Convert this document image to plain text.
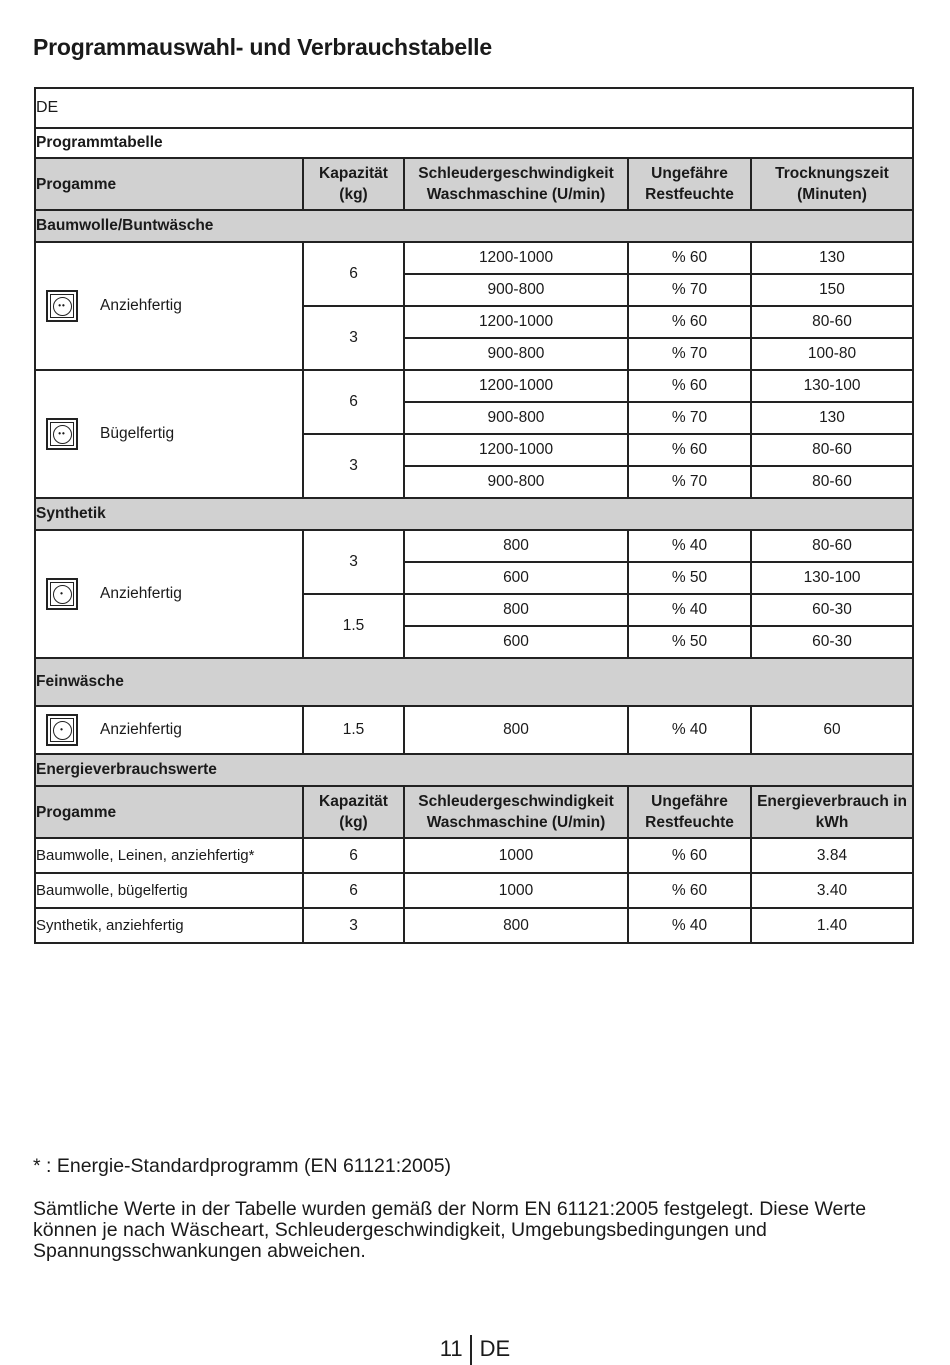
Programmauswahl- und Verbrauchstabelle
DE				
Programmtabelle				
Progamme	Kapazität (kg)	Schleudergeschwindigkeit Waschmaschine (U/min)	Ungefähre Restfeuchte	Trocknungszeit (Minuten)
Baumwolle/Buntwäsche				

•• Anziehfertig	6	1200-1000	% 60	130
		900-800	% 70	150
	3	1200-1000	% 60	80-60
		900-800	% 70	100-80

•• Bügelfertig	6	1200-1000	% 60	130-100
		900-800	% 70	130
	3	1200-1000	% 60	80-60
		900-800	% 70	80-60
Synthetik				

• Anziehfertig	3	800	% 40	80-60
		600	% 50	130-100
	1.5	800	% 40	60-30
		600	% 50	60-30
Feinwäsche				

• Anziehfertig	1.5	800	% 40	60
Energieverbrauchswerte				
Progamme	Kapazität (kg)	Schleudergeschwindigkeit Waschmaschine (U/min)	Ungefähre Restfeuchte	Energieverbrauch in kWh
Baumwolle, Leinen, anziehfertig*	6	1000	% 60	3.84
Baumwolle, bügelfertig	6	1000	% 60	3.40
Synthetik, anziehfertig	3	800	% 40	1.40

* : Energie-Standardprogramm (EN 61121:2005)

Sämtliche Werte in der Tabelle wurden gemäß der Norm EN 61121:2005 festgelegt. Diese Werte können je nach Wäscheart, Schleudergeschwindigkeit, Umgebungsbedingungen und Spannungsschwankungen abweichen.

11 DE
